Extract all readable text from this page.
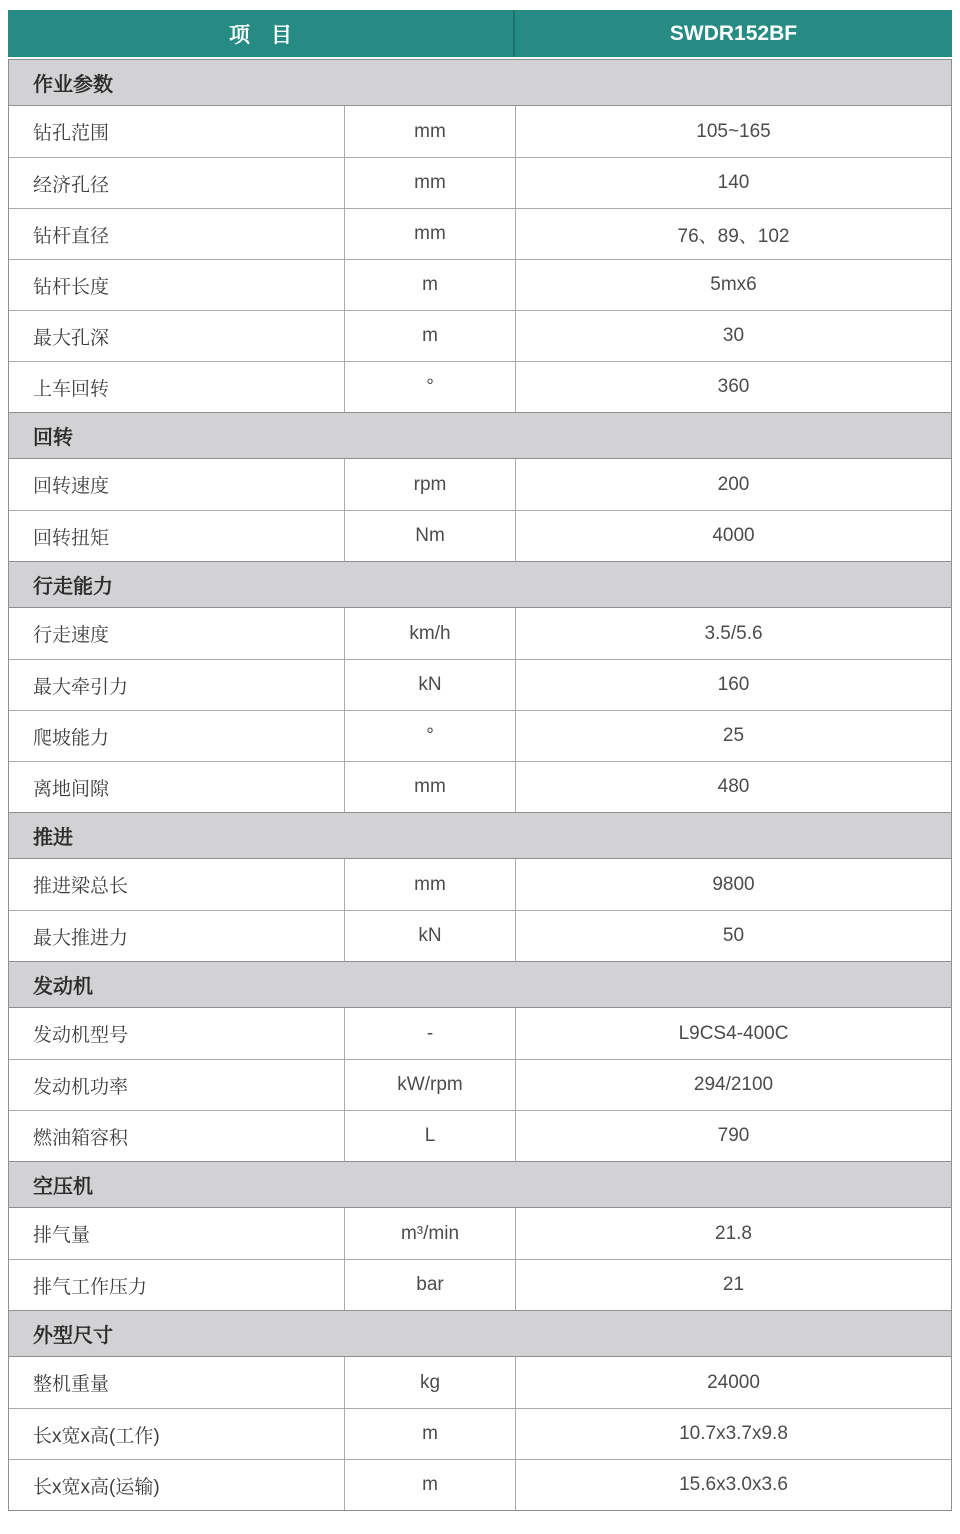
项　目	SWDR152BF
作业参数
钻孔范围	mm	105~165
经济孔径	mm	140
钻杆直径	mm	76、89、102
钻杆长度	m	5mx6
最大孔深	m	30
上车回转	°	360
回转
回转速度	rpm	200
回转扭矩	Nm	4000
行走能力
行走速度	km/h	3.5/5.6
最大牵引力	kN	160
爬坡能力	°	25
离地间隙	mm	480
推进
推进梁总长	mm	9800
最大推进力	kN	50
发动机
发动机型号	-	L9CS4-400C
发动机功率	kW/rpm	294/2100
燃油箱容积	L	790
空压机
排气量	m³/min	21.8
排气工作压力	bar	21
外型尺寸
整机重量	kg	24000
长x宽x高(工作)	m	10.7x3.7x9.8
长x宽x高(运输)	m	15.6x3.0x3.6
